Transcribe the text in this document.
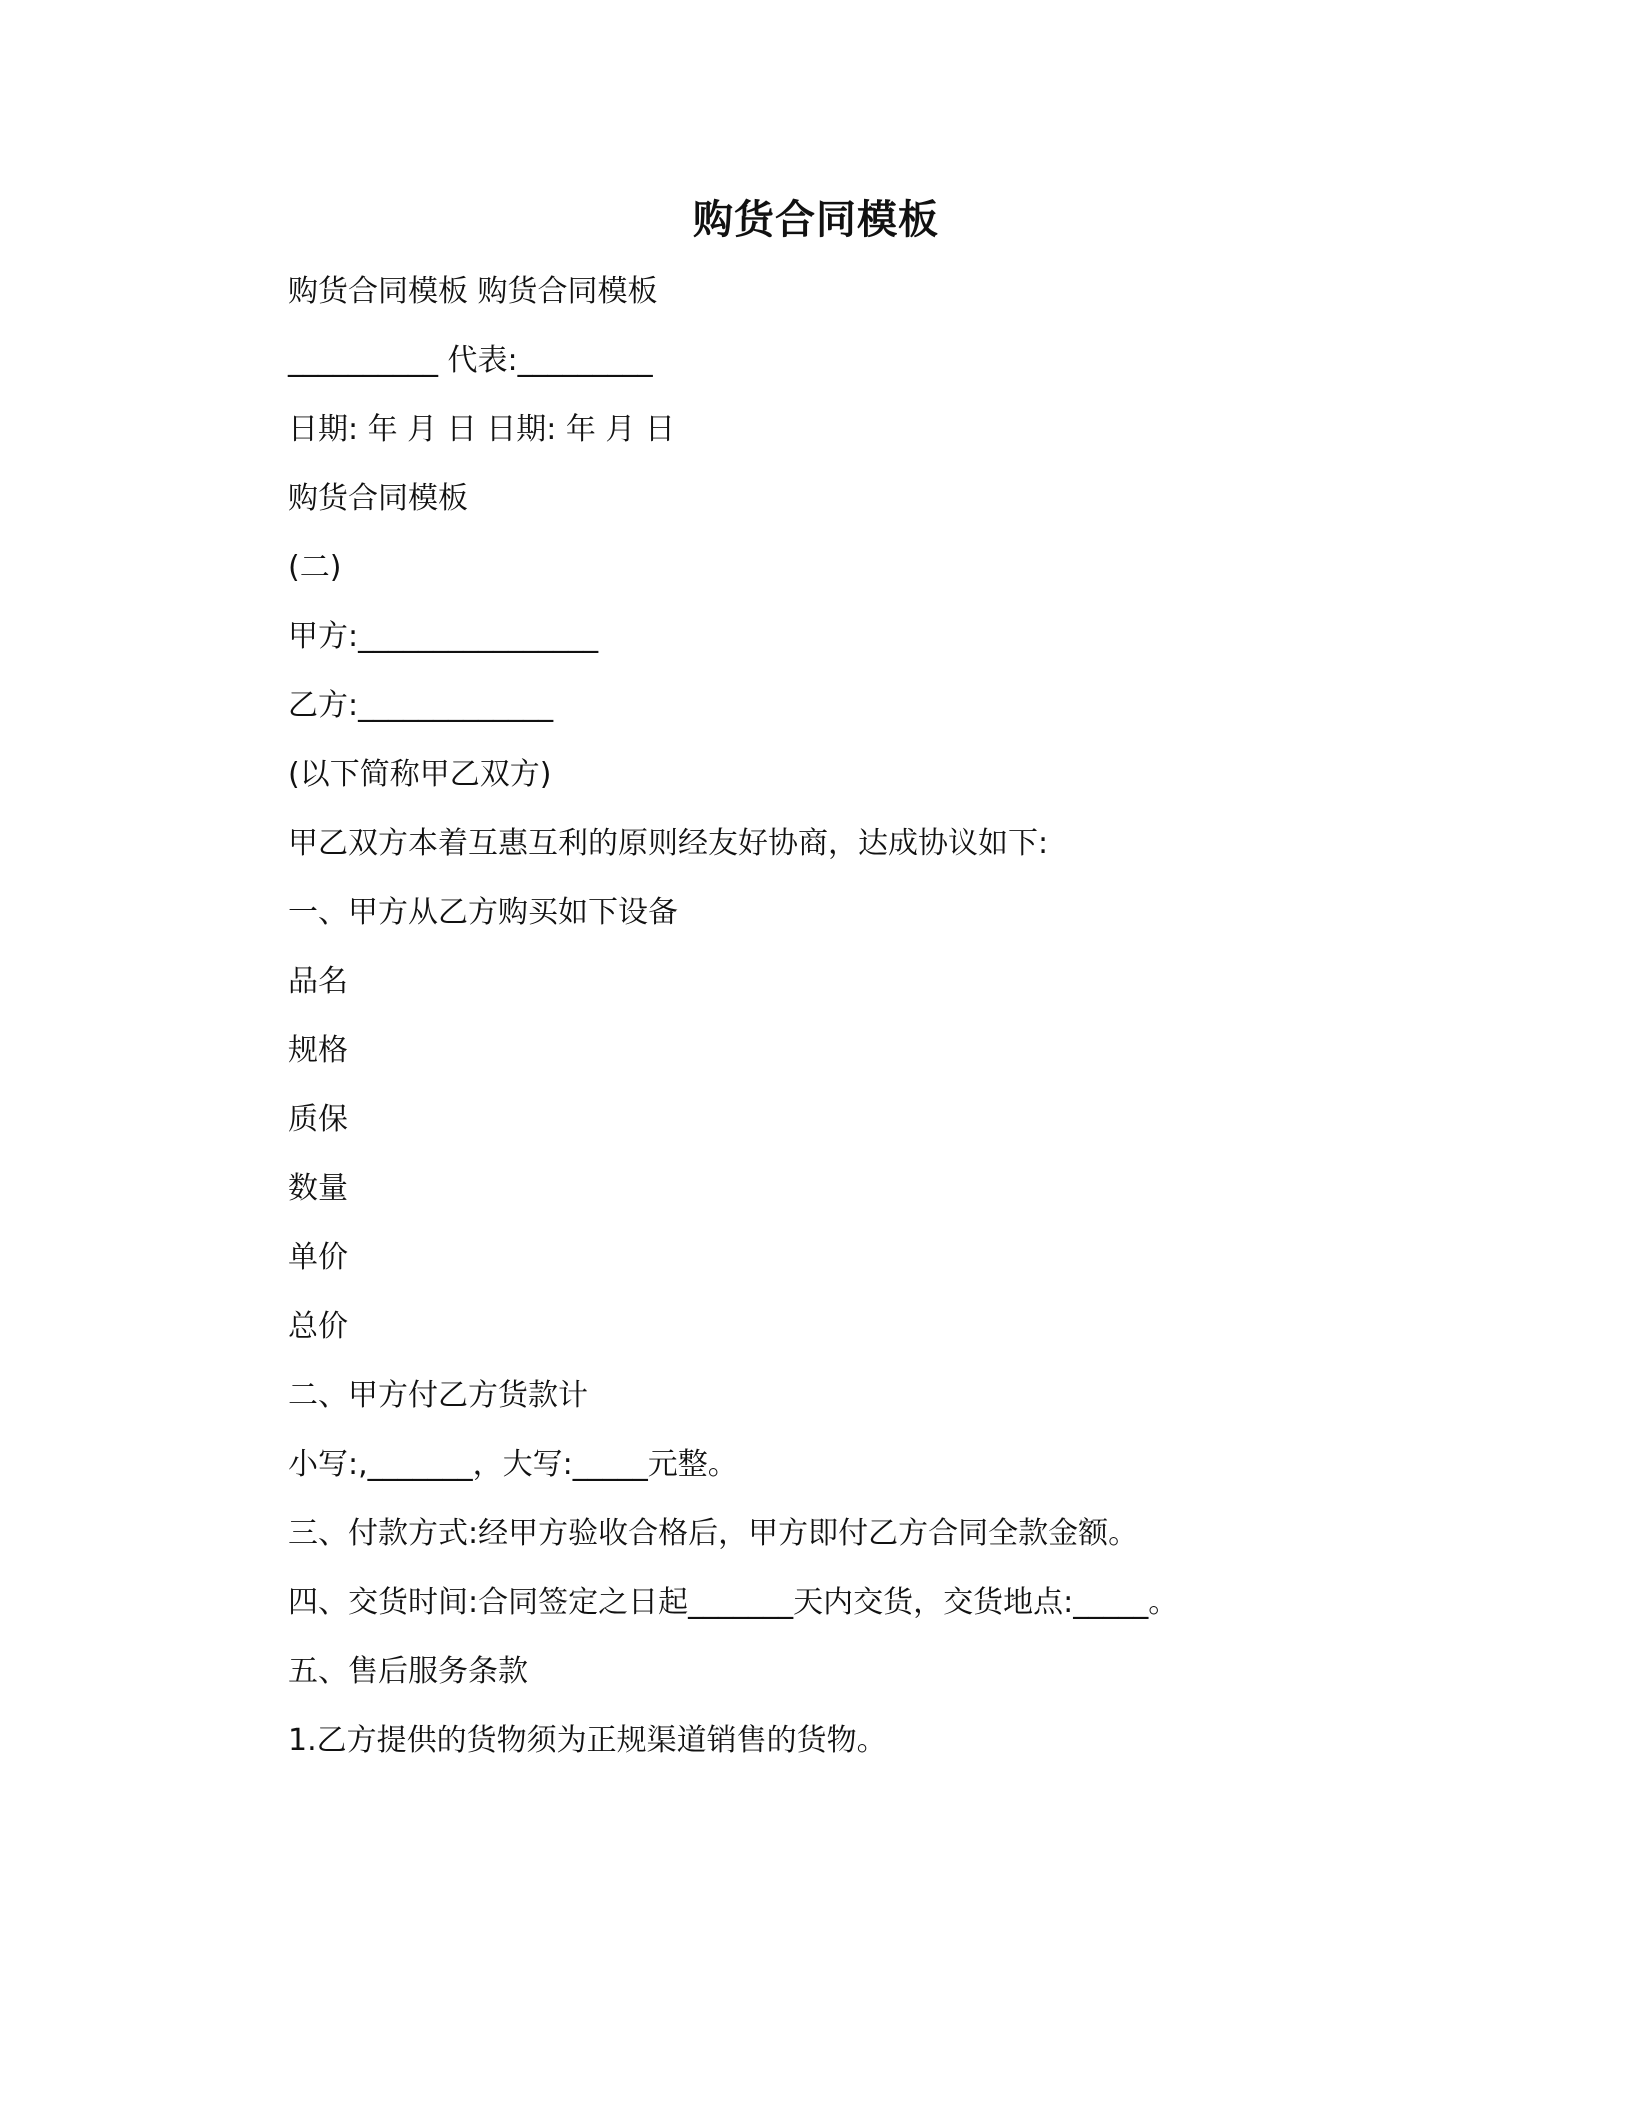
购货合同模板
购货合同模板 购货合同模板
__________ 代表:_________
日期: 年 月 日 日期: 年 月 日
购货合同模板
(二)
甲方:________________
乙方:_____________
(以下简称甲乙双方)
甲乙双方本着互惠互利的原则经友好协商，达成协议如下:
一、甲方从乙方购买如下设备
品名
规格
质保
数量
单价
总价
二、甲方付乙方货款计
小写:,_______，大写:_____元整。
三、付款方式:经甲方验收合格后，甲方即付乙方合同全款金额。
四、交货时间:合同签定之日起_______天内交货，交货地点:_____。
五、售后服务条款
1.乙方提供的货物须为正规渠道销售的货物。
